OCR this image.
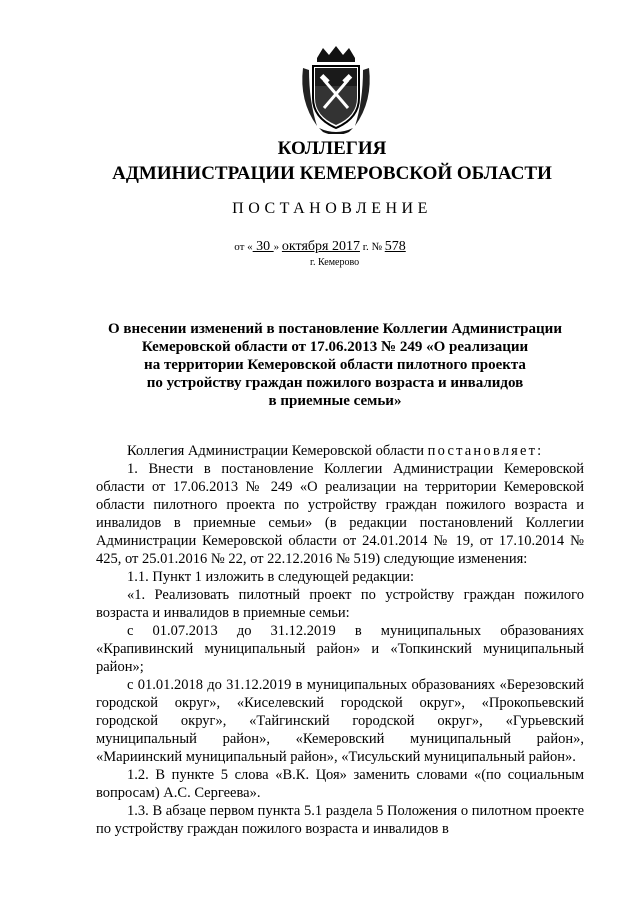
КОЛЛЕГИЯ
АДМИНИСТРАЦИИ КЕМЕРОВСКОЙ ОБЛАСТИ
ПОСТАНОВЛЕНИЕ
от « 30 » октября 2017 г. № 578
г. Кемерово
О внесении изменений в постановление Коллегии Администрации
Кемеровской области от 17.06.2013 № 249 «О реализации
на территории Кемеровской области пилотного проекта
по устройству граждан пожилого возраста и инвалидов
в приемные семьи»

Коллегия Администрации Кемеровской области постановляет:

1. Внести в постановление Коллегии Администрации Кемеровской области от 17.06.2013 № 249 «О реализации на территории Кемеровской области пилотного проекта по устройству граждан пожилого возраста и инвалидов в приемные семьи» (в редакции постановлений Коллегии Администрации Кемеровской области от 24.01.2014 № 19, от 17.10.2014 № 425, от 25.01.2016 № 22, от 22.12.2016 № 519) следующие изменения:

1.1. Пункт 1 изложить в следующей редакции:

«1. Реализовать пилотный проект по устройству граждан пожилого возраста и инвалидов в приемные семьи:

с 01.07.2013 до 31.12.2019 в муниципальных образованиях «Крапивинский муниципальный район» и «Топкинский муниципальный район»;

с 01.01.2018 до 31.12.2019 в муниципальных образованиях «Березовский городской округ», «Киселевский городской округ», «Прокопьевский городской округ», «Тайгинский городской округ», «Гурьевский муниципальный район», «Кемеровский муниципальный район», «Мариинский муниципальный район», «Тисульский муниципальный район».

1.2. В пункте 5 слова «В.К. Цоя» заменить словами «(по социальным вопросам) А.С. Сергеева».

1.3. В абзаце первом пункта 5.1 раздела 5 Положения о пилотном проекте по устройству граждан пожилого возраста и инвалидов в
